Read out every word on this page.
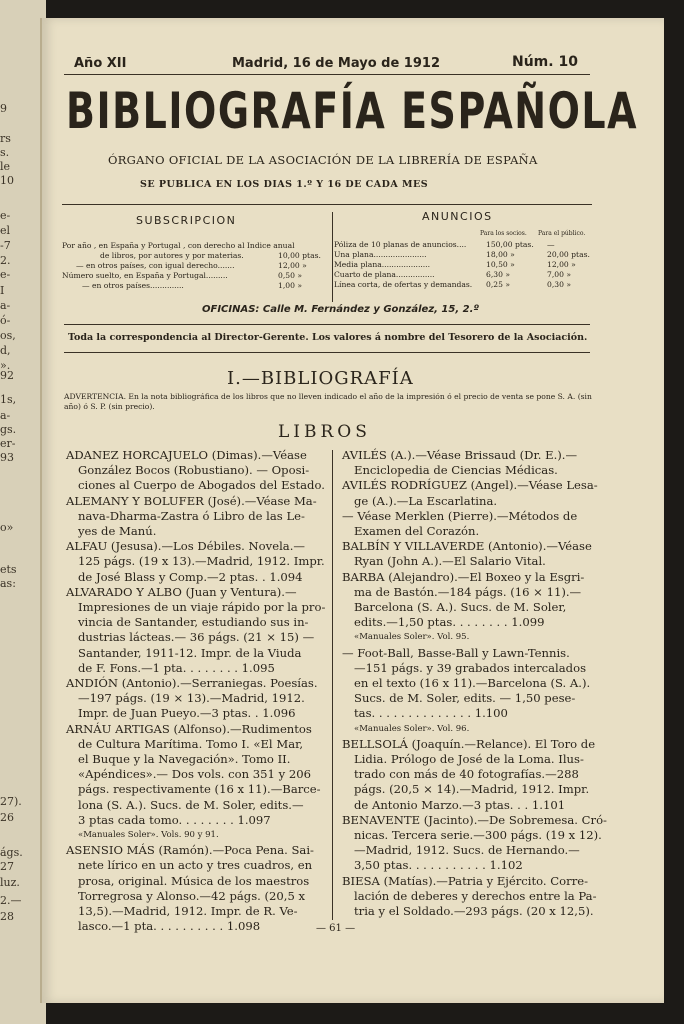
9
rs
s.
le
10
e-
el
-7
2.
e-
I
a-
ó-
os,
d,
».
92
1s,
a-
gs.
er-
93
o»
ets
as:
27).
26
ágs.
27
luz.
2.—
28
Año XII	Madrid, 16 de Mayo de 1912	Núm. 10
BIBLIOGRAFÍA ESPAÑOLA
ÓRGANO OFICIAL DE LA ASOCIACIÓN DE LA LIBRERÍA DE ESPAÑA
SE PUBLICA EN LOS DIAS 1.º Y 16 DE CADA MES
SUBSCRIPCION	ANUNCIOS
Para los socios. Para el público.
OFICINAS: Calle M. Fernández y González, 15, 2.º
Toda la correspondencia al Director-Gerente. Los valores á nombre del Tesorero de la Asociación.
I.—BIBLIOGRAFÍA
ADVERTENCIA. En la nota bibliográfica de los libros que no lleven indicado el año de la impresión ó el precio de venta se pone S. A. (sin año) ó S. P. (sin precio).
LIBROS
ADANEZ HORCAJUELO (Dimas).—Véase
González Bocos (Robustiano). — Oposi-
ciones al Cuerpo de Abogados del Estado.
ALEMANY Y BOLUFER (José).—Véase Ma-
nava-Dharma-Zastra ó Libro de las Le-
yes de Manú.
ALFAU (Jesusa).—Los Débiles. Novela.—
125 págs. (19 x 13).—Madrid, 1912. Impr.
de José Blass y Comp.—2 ptas. . 1.094
ALVARADO Y ALBO (Juan y Ventura).—
Impresiones de un viaje rápido por la pro-
vincia de Santander, estudiando sus in-
dustrias lácteas.— 36 págs. (21 × 15) —
Santander, 1911-12. Impr. de la Viuda
de F. Fons.—1 pta. . . . . . . . 1.095
ANDIÓN (Antonio).—Serraniegas. Poesías.
—197 págs. (19 × 13).—Madrid, 1912.
Impr. de Juan Pueyo.—3 ptas. . 1.096
ARNÁU ARTIGAS (Alfonso).—Rudimentos
de Cultura Marítima. Tomo I. «El Mar,
el Buque y la Navegación». Tomo II.
«Apéndices».— Dos vols. con 351 y 206
págs. respectivamente (16 x 11).—Barce-
lona (S. A.). Sucs. de M. Soler, edits.—
3 ptas cada tomo. . . . . . . . 1.097
«Manuales Soler». Vols. 90 y 91.
ASENSIO MÁS (Ramón).—Poca Pena. Sai-
nete lírico en un acto y tres cuadros, en
prosa, original. Música de los maestros
Torregrosa y Alonso.—42 págs. (20,5 x
13,5).—Madrid, 1912. Impr. de R. Ve-
lasco.—1 pta. . . . . . . . . . 1.098
AVILÉS (A.).—Véase Brissaud (Dr. E.).—
Enciclopedia de Ciencias Médicas.
AVILÉS RODRÍGUEZ (Angel).—Véase Lesa-
ge (A.).—La Escarlatina.
— Véase Merklen (Pierre).—Métodos de
Examen del Corazón.
BALBÍN Y VILLAVERDE (Antonio).—Véase
Ryan (John A.).—El Salario Vital.
BARBA (Alejandro).—El Boxeo y la Esgri-
ma de Bastón.—184 págs. (16 × 11).—
Barcelona (S. A.). Sucs. de M. Soler,
edits.—1,50 ptas. . . . . . . . 1.099
«Manuales Soler». Vol. 95.
— Foot-Ball, Basse-Ball y Lawn-Tennis.
—151 págs. y 39 grabados intercalados
en el texto (16 x 11).—Barcelona (S. A.).
Sucs. de M. Soler, edits. — 1,50 pese-
tas. . . . . . . . . . . . . . 1.100
«Manuales Soler». Vol. 96.
BELLSOLÁ (Joaquín.—Relance). El Toro de
Lidia. Prólogo de José de la Loma. Ilus-
trado con más de 40 fotografías.—288
págs. (20,5 × 14).—Madrid, 1912. Impr.
de Antonio Marzo.—3 ptas. . . 1.101
BENAVENTE (Jacinto).—De Sobremesa. Cró-
nicas. Tercera serie.—300 págs. (19 x 12).
—Madrid, 1912. Sucs. de Hernando.—
3,50 ptas. . . . . . . . . . . 1.102
BIESA (Matías).—Patria y Ejército. Corre-
lación de deberes y derechos entre la Pa-
tria y el Soldado.—293 págs. (20 x 12,5).
— 61 —
Por año , en España y Portugal , con derecho al Indice anual
de libros, por autores y por materias.	10,00 ptas.
— en otros países, con igual derecho.......	12,00 »
Número suelto, en España y Portugal.........	0,50 »
— en otros países..............	1,00 »
Póliza de 10 planas de anuncios....	150,00 ptas. —
Una plana......................	18,00 »	20,00 ptas.
Media plana....................	10,50 »	12,00 »
Cuarto de plana................	6,30 »	7,00 »
Línea corta, de ofertas y demandas. 0,25 »	0,30 »
